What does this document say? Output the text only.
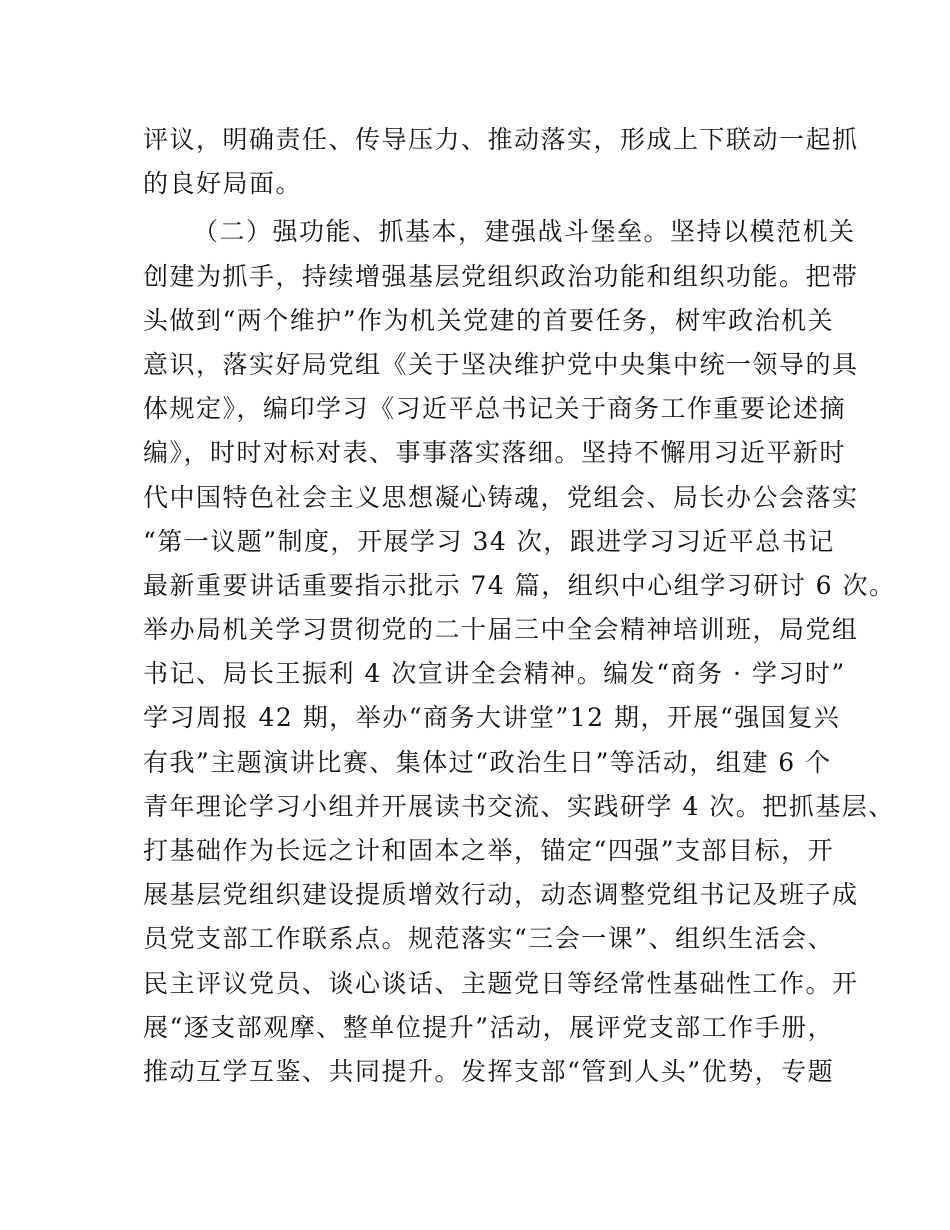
评议，明确责任、传导压力、推动落实，形成上下联动一起抓
的良好局面。
（二）强功能、抓基本，建强战斗堡垒。坚持以模范机关
创建为抓手，持续增强基层党组织政治功能和组织功能。把带
头做到“两个维护”作为机关党建的首要任务，树牢政治机关
意识，落实好局党组《关于坚决维护党中央集中统一领导的具
体规定》，编印学习《习近平总书记关于商务工作重要论述摘
编》，时时对标对表、事事落实落细。坚持不懈用习近平新时
代中国特色社会主义思想凝心铸魂，党组会、局长办公会落实
“第一议题”制度，开展学习 34 次，跟进学习习近平总书记
最新重要讲话重要指示批示 74 篇，组织中心组学习研讨 6 次。
举办局机关学习贯彻党的二十届三中全会精神培训班，局党组
书记、局长王振利 4 次宣讲全会精神。编发“商务 · 学习时”
学习周报 42 期，举办“商务大讲堂”12 期，开展“强国复兴
有我”主题演讲比赛、集体过“政治生日”等活动，组建 6 个
青年理论学习小组并开展读书交流、实践研学 4 次。把抓基层、
打基础作为长远之计和固本之举，锚定“四强”支部目标，开
展基层党组织建设提质增效行动，动态调整党组书记及班子成
员党支部工作联系点。规范落实“三会一课”、组织生活会、
民主评议党员、谈心谈话、主题党日等经常性基础性工作。开
展“逐支部观摩、整单位提升”活动，展评党支部工作手册，
推动互学互鉴、共同提升。发挥支部“管到人头”优势，专题
